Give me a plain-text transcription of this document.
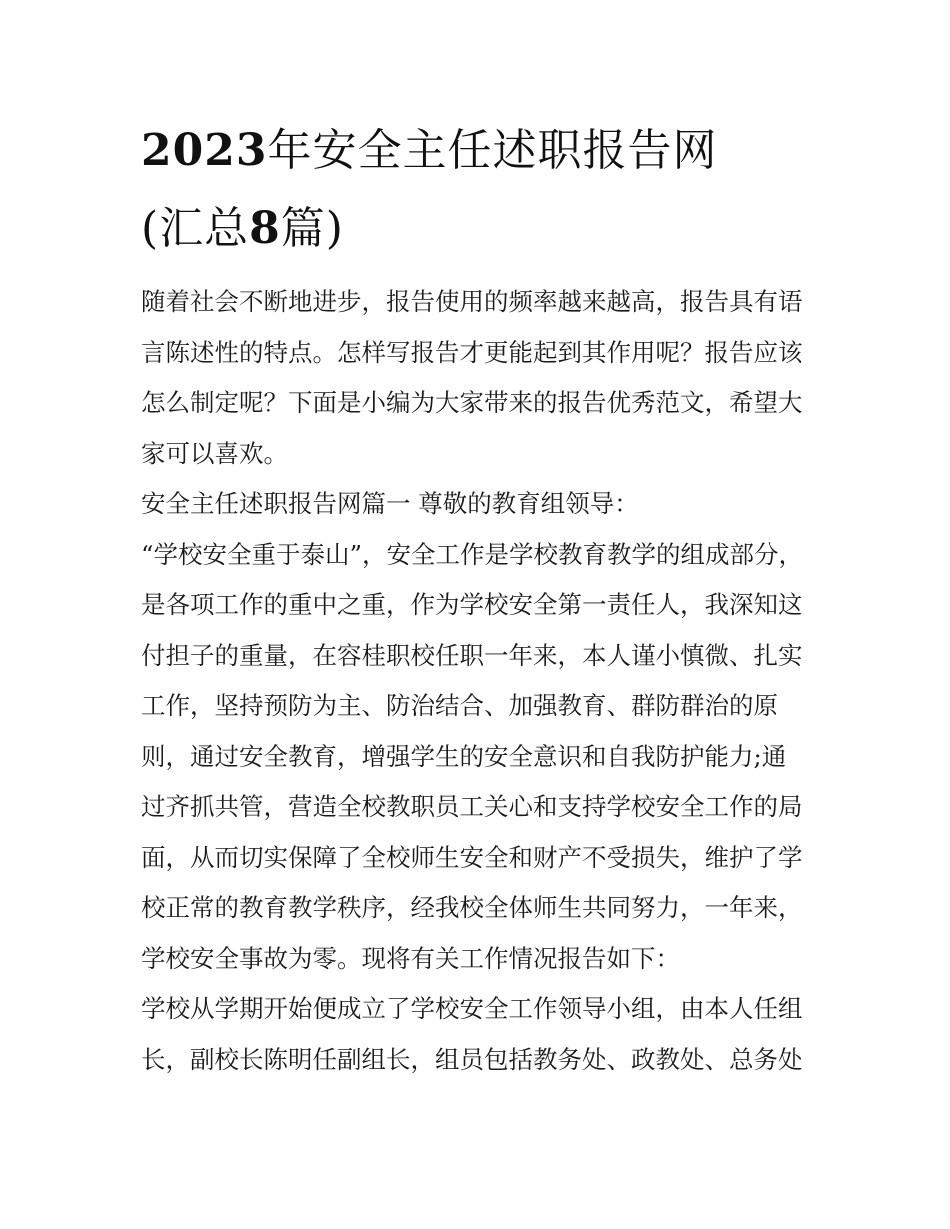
2023年安全主任述职报告网
(汇总8篇)
随着社会不断地进步，报告使用的频率越来越高，报告具有语
言陈述性的特点。怎样写报告才更能起到其作用呢？报告应该
怎么制定呢？下面是小编为大家带来的报告优秀范文，希望大
家可以喜欢。
安全主任述职报告网篇一 尊敬的教育组领导：
“学校安全重于泰山”，安全工作是学校教育教学的组成部分，
是各项工作的重中之重，作为学校安全第一责任人，我深知这
付担子的重量，在容桂职校任职一年来，本人谨小慎微、扎实
工作，坚持预防为主、防治结合、加强教育、群防群治的原
则，通过安全教育，增强学生的安全意识和自我防护能力;通
过齐抓共管，营造全校教职员工关心和支持学校安全工作的局
面，从而切实保障了全校师生安全和财产不受损失，维护了学
校正常的教育教学秩序，经我校全体师生共同努力，一年来，
学校安全事故为零。现将有关工作情况报告如下：
学校从学期开始便成立了学校安全工作领导小组，由本人任组
长，副校长陈明任副组长，组员包括教务处、政教处、总务处
